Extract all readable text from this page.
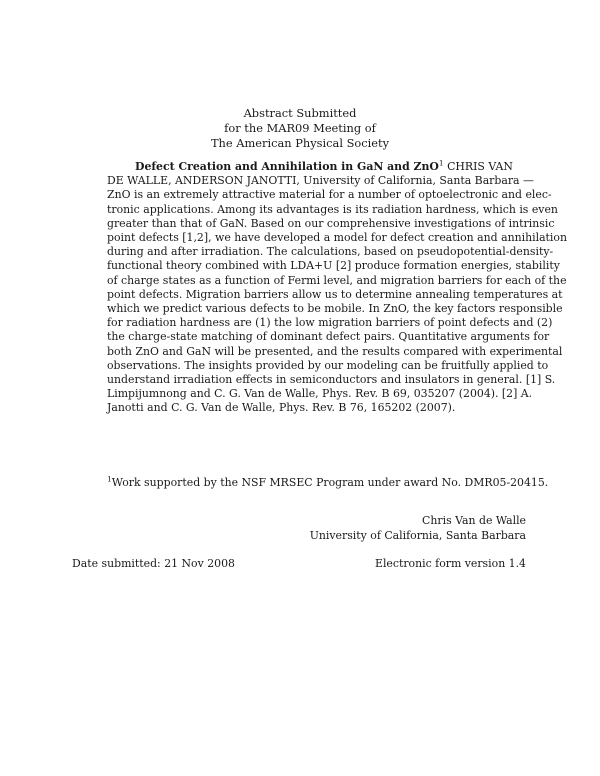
Abstract Submitted
for the MAR09 Meeting of
The American Physical Society
Defect Creation and Annihilation in GaN and ZnO$^1$ CHRIS VAN
DE WALLE, ANDERSON JANOTTI, University of California, Santa Barbara —
ZnO is an extremely attractive material for a number of optoelectronic and elec-
tronic applications. Among its advantages is its radiation hardness, which is even
greater than that of GaN. Based on our comprehensive investigations of intrinsic
point defects [1,2], we have developed a model for defect creation and annihilation
during and after irradiation. The calculations, based on pseudopotential-density-
functional theory combined with LDA+U [2] produce formation energies, stability
of charge states as a function of Fermi level, and migration barriers for each of the
point defects. Migration barriers allow us to determine annealing temperatures at
which we predict various defects to be mobile. In ZnO, the key factors responsible
for radiation hardness are (1) the low migration barriers of point defects and (2)
the charge-state matching of dominant defect pairs. Quantitative arguments for
both ZnO and GaN will be presented, and the results compared with experimental
observations. The insights provided by our modeling can be fruitfully applied to
understand irradiation effects in semiconductors and insulators in general. [1] S.
Limpijumnong and C. G. Van de Walle, Phys. Rev. B 69, 035207 (2004). [2] A.
Janotti and C. G. Van de Walle, Phys. Rev. B 76, 165202 (2007).
$^1$Work supported by the NSF MRSEC Program under award No. DMR05-20415.
Chris Van de Walle
University of California, Santa Barbara
Date submitted: 21 Nov 2008	Electronic form version 1.4
